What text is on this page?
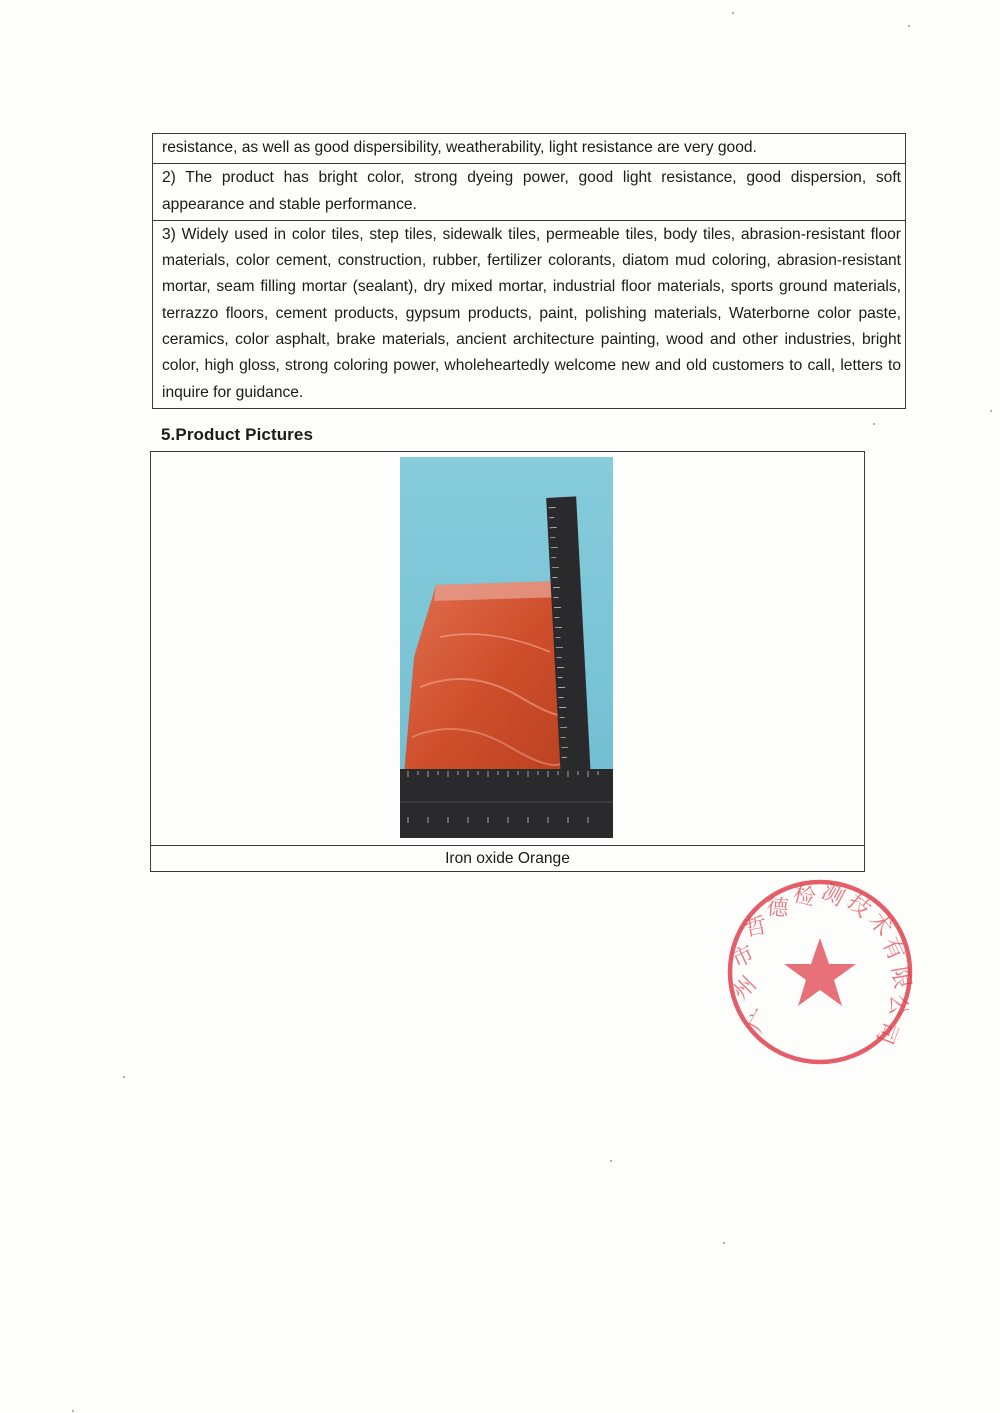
resistance, as well as good dispersibility, weatherability, light resistance are very good.
2) The product has bright color, strong dyeing power, good light resistance, good dispersion, soft appearance and stable performance.
3) Widely used in color tiles, step tiles, sidewalk tiles, permeable tiles, body tiles, abrasion-resistant floor materials, color cement, construction, rubber, fertilizer colorants, diatom mud coloring, abrasion-resistant mortar, seam filling mortar (sealant), dry mixed mortar, industrial floor materials, sports ground materials, terrazzo floors, cement products, gypsum products, paint, polishing materials, Waterborne color paste, ceramics, color asphalt, brake materials, ancient architecture painting, wood and other industries, bright color, high gloss, strong coloring power, wholeheartedly welcome new and old customers to call, letters to inquire for guidance.
5.Product Pictures
Iron oxide Orange
广
州
市
哲
德 检 测
技
术
有
限
公
司
